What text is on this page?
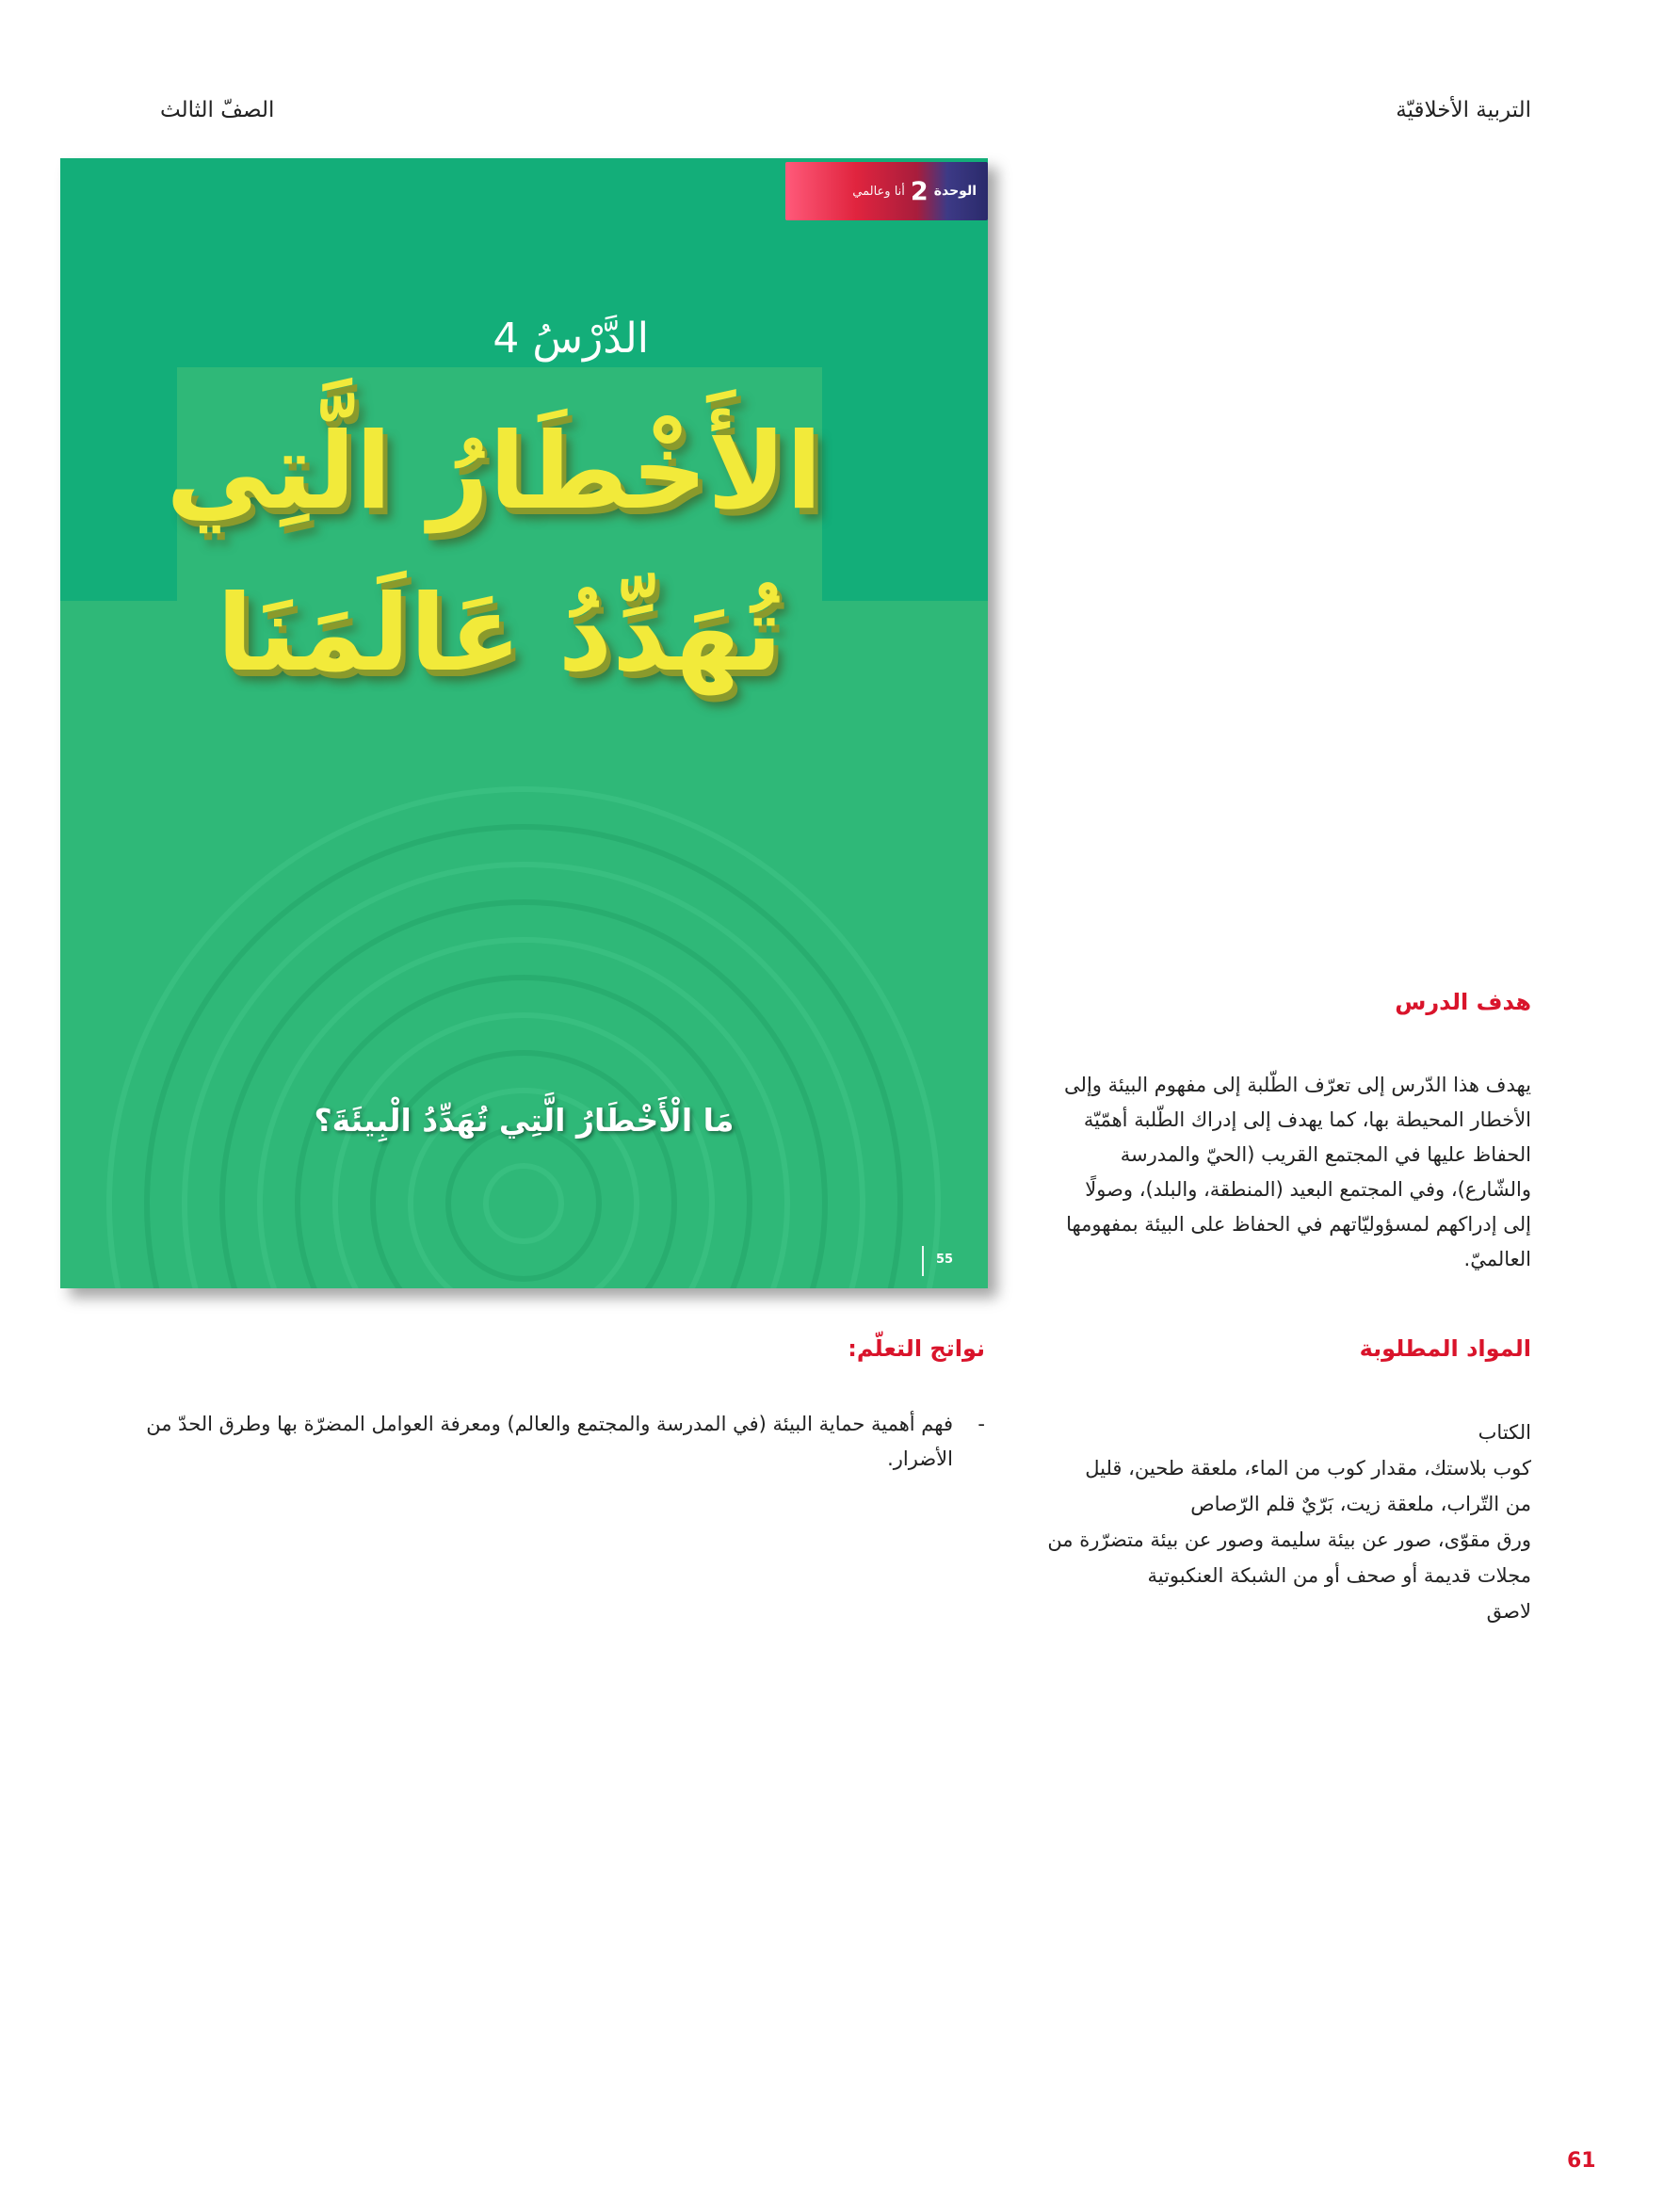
التربية الأخلاقيّة
الصفّ الثالث
الوحدة
2
أنا وعالمي
الدَّرْسُ 4
الأَخْطَارُ الَّتِي
تُهَدِّدُ عَالَمَنَا
مَا الْأَخْطَارُ الَّتِي تُهَدِّدُ الْبِيئَةَ؟
55
هدف الدرس
يهدف هذا الدّرس إلى تعرّف الطّلبة إلى مفهوم البيئة وإلى
الأخطار المحيطة بها، كما يهدف إلى إدراك الطّلبة أهمّيّة
الحفاظ عليها في المجتمع القريب (الحيّ والمدرسة
والشّارع)، وفي المجتمع البعيد (المنطقة، والبلد)، وصولًا
إلى إدراكهم لمسؤوليّاتهم في الحفاظ على البيئة بمفهومها
العالميّ.
المواد المطلوبة
الكتاب
كوب بلاستك، مقدار كوب من الماء، ملعقة طحين، قليل
من التّراب، ملعقة زيت، بَرّيٌ قلم الرّصاص
ورق مقوّى، صور عن بيئة سليمة وصور عن بيئة متضرّرة من
مجلات قديمة أو صحف أو من الشبكة العنكبوتية
لاصق
نواتج التعلّم:
-
فهم أهمية حماية البيئة (في المدرسة والمجتمع والعالم) ومعرفة العوامل المضرّة بها وطرق الحدّ من الأضرار.
61
